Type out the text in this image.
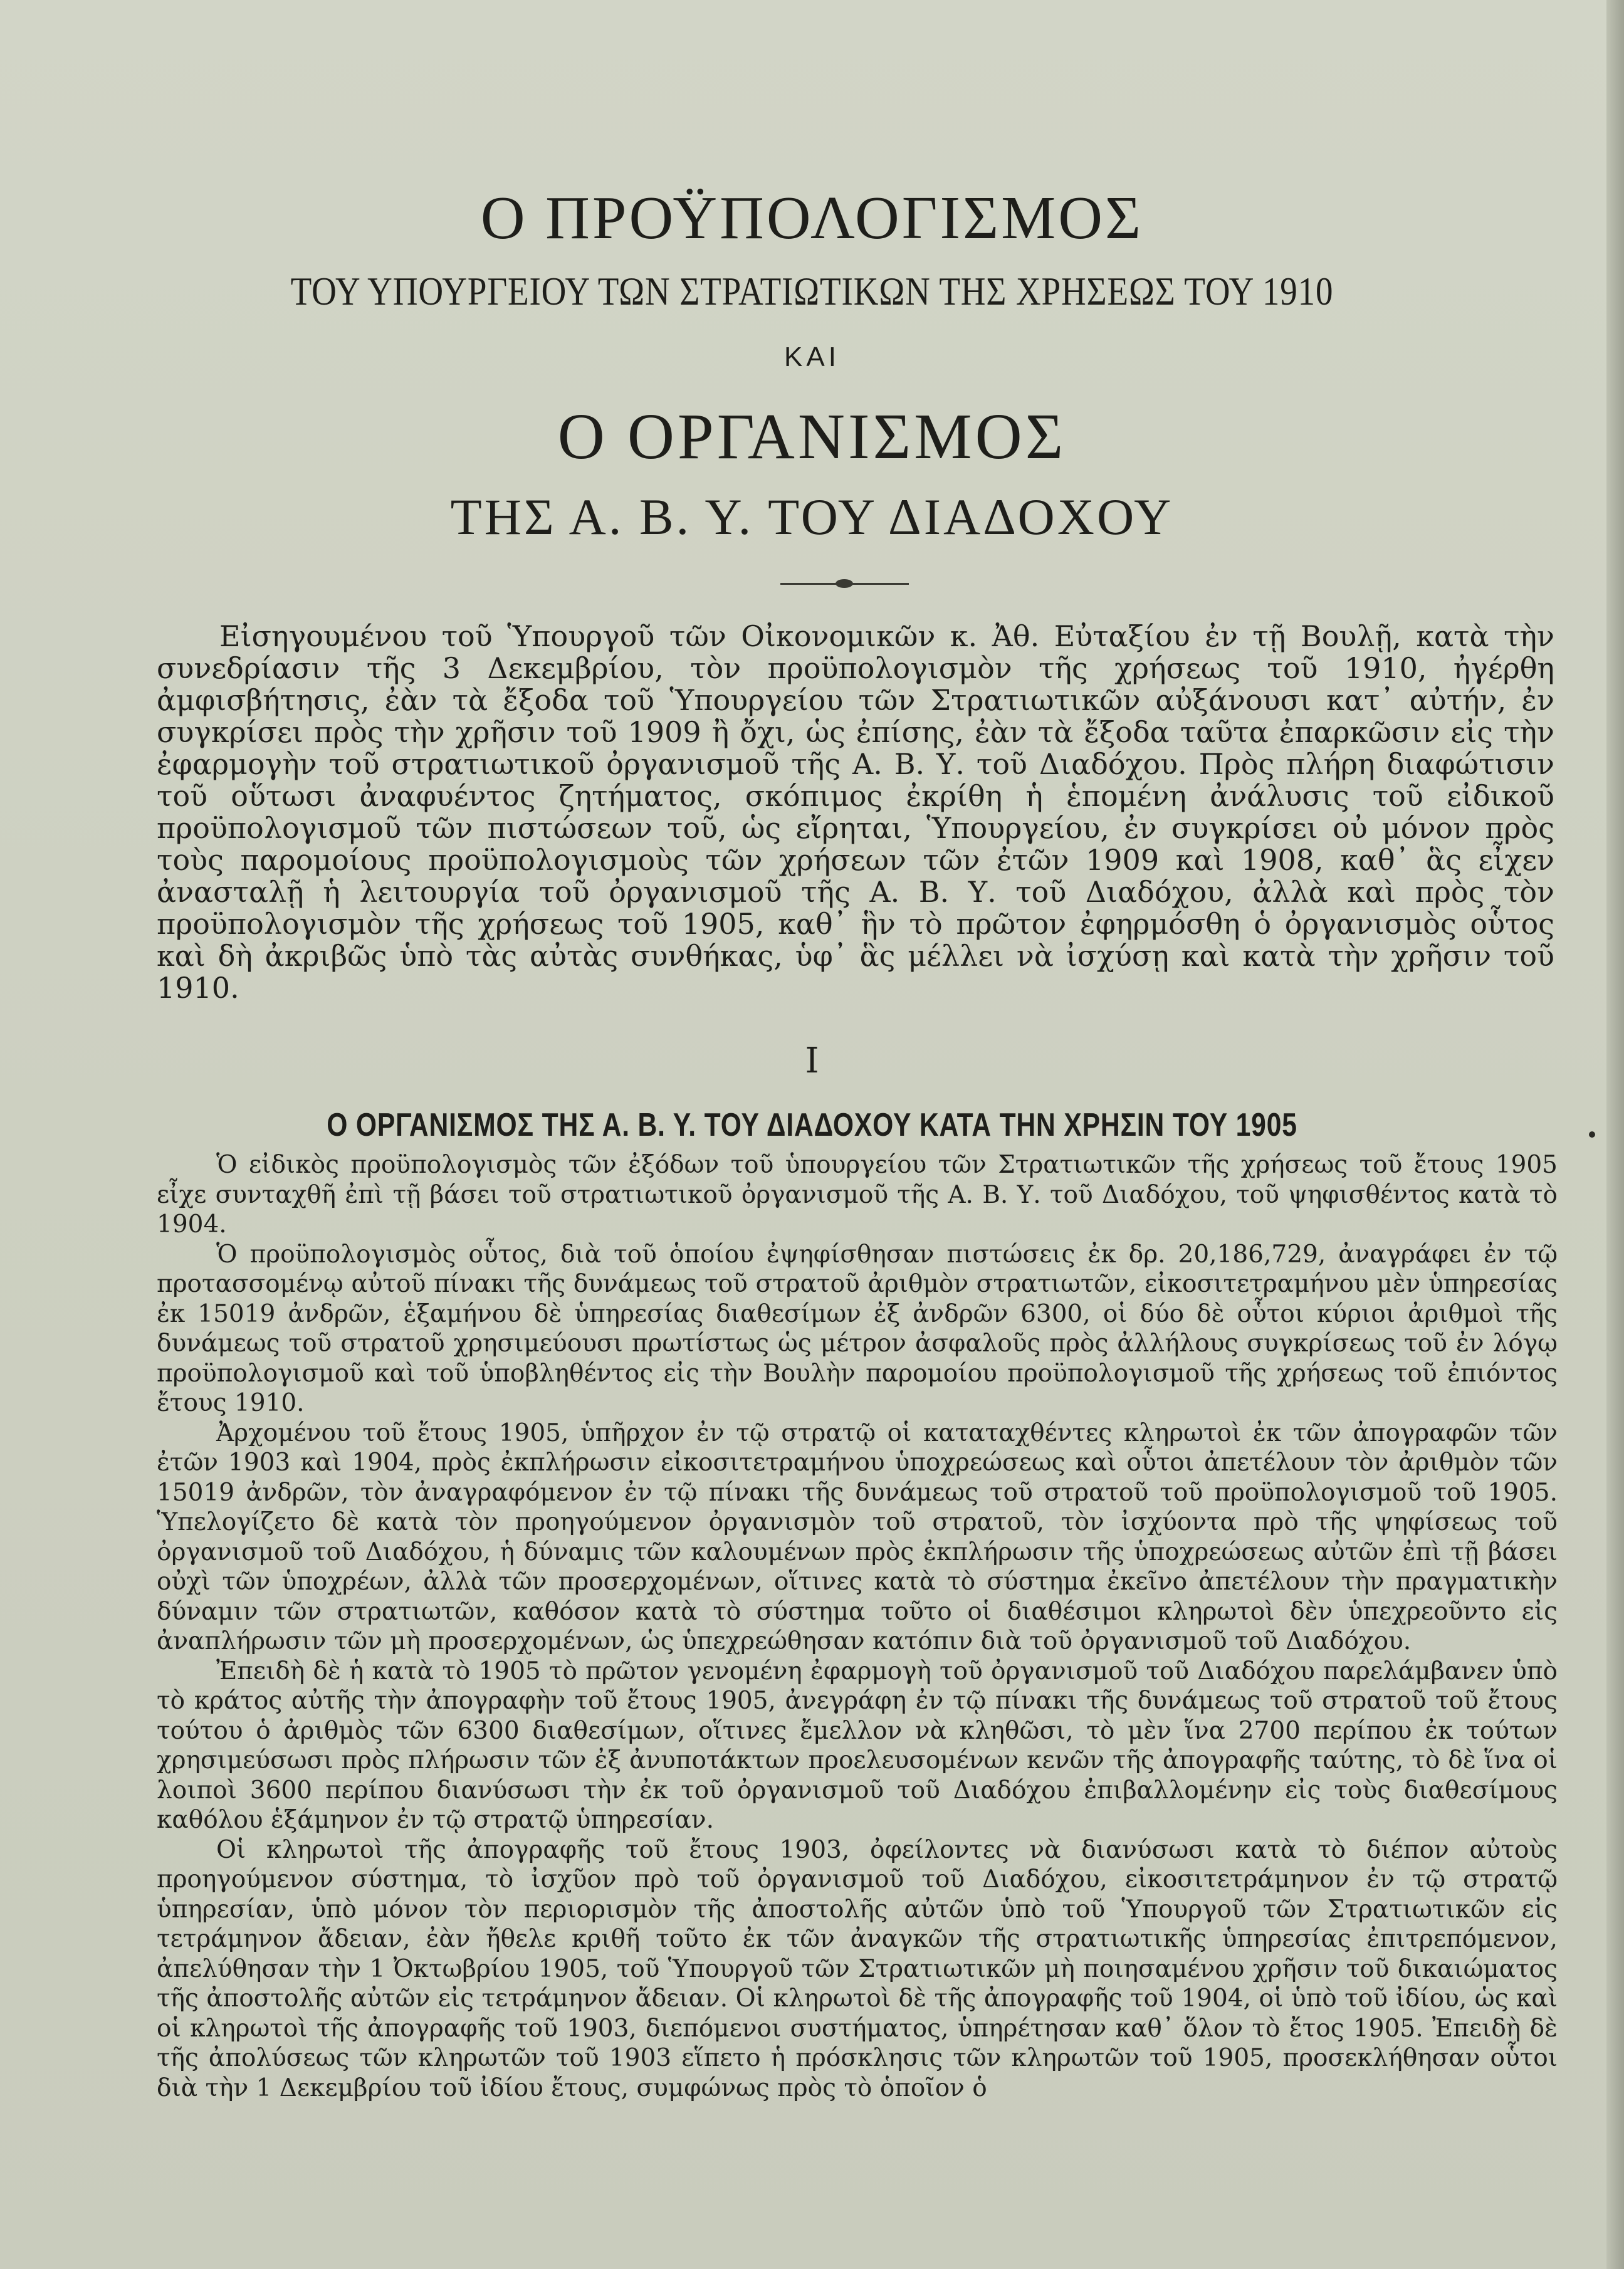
Ο ΠΡΟΫΠΟΛΟΓΙΣΜΟΣ
ΤΟΥ ΥΠΟΥΡΓΕΙΟΥ ΤΩΝ ΣΤΡΑΤΙΩΤΙΚΩΝ ΤΗΣ ΧΡΗΣΕΩΣ ΤΟΥ 1910
ΚΑΙ
Ο ΟΡΓΑΝΙΣΜΟΣ
ΤΗΣ Α. Β. Υ. ΤΟΥ ΔΙΑΔΟΧΟΥ

Εἰσηγουμένου τοῦ Ὑπουργοῦ τῶν Οἰκονομικῶν κ. Ἀθ. Εὐταξίου ἐν τῇ Βουλῇ, κατὰ τὴν συνεδρίασιν τῆς 3 Δεκεμβρίου, τὸν προϋπολογισμὸν τῆς χρήσεως τοῦ 1910, ἠγέρθη ἀμφισβήτησις, ἐὰν τὰ ἔξοδα τοῦ Ὑπουργείου τῶν Στρατιωτικῶν αὐξάνουσι κατ᾽ αὐτήν, ἐν συγκρίσει πρὸς τὴν χρῆσιν τοῦ 1909 ἢ ὄχι, ὡς ἐπίσης, ἐὰν τὰ ἔξοδα ταῦτα ἐπαρκῶσιν εἰς τὴν ἐφαρμογὴν τοῦ στρατιωτικοῦ ὀργανισμοῦ τῆς Α. Β. Υ. τοῦ Διαδόχου. Πρὸς πλήρη διαφώτισιν τοῦ οὕτωσι ἀναφυέντος ζητήματος, σκόπιμος ἐκρίθη ἡ ἑπομένη ἀνάλυσις τοῦ εἰδικοῦ προϋπολογισμοῦ τῶν πιστώσεων τοῦ, ὡς εἴρηται, Ὑπουργείου, ἐν συγκρίσει οὐ μόνον πρὸς τοὺς παρομοίους προϋπολογισμοὺς τῶν χρήσεων τῶν ἐτῶν 1909 καὶ 1908, καθ᾽ ἃς εἶχεν ἀνασταλῇ ἡ λειτουργία τοῦ ὀργανισμοῦ τῆς Α. Β. Υ. τοῦ Διαδόχου, ἀλλὰ καὶ πρὸς τὸν προϋπολογισμὸν τῆς χρήσεως τοῦ 1905, καθ᾽ ἣν τὸ πρῶτον ἐφηρμόσθη ὁ ὀργανισμὸς οὗτος καὶ δὴ ἀκριβῶς ὑπὸ τὰς αὐτὰς συνθήκας, ὑφ᾽ ἃς μέλλει νὰ ἰσχύσῃ καὶ κατὰ τὴν χρῆσιν τοῦ 1910.

I
Ο ΟΡΓΑΝΙΣΜΟΣ ΤΗΣ Α. Β. Υ. ΤΟΥ ΔΙΑΔΟΧΟΥ ΚΑΤΑ ΤΗΝ ΧΡΗΣΙΝ ΤΟΥ 1905

Ὁ εἰδικὸς προϋπολογισμὸς τῶν ἐξόδων τοῦ ὑπουργείου τῶν Στρατιωτικῶν τῆς χρήσεως τοῦ ἔτους 1905 εἶχε συνταχθῆ ἐπὶ τῇ βάσει τοῦ στρατιωτικοῦ ὀργανισμοῦ τῆς Α. Β. Υ. τοῦ Διαδόχου, τοῦ ψηφισθέντος κατὰ τὸ 1904.

Ὁ προϋπολογισμὸς οὗτος, διὰ τοῦ ὁποίου ἐψηφίσθησαν πιστώσεις ἐκ δρ. 20,186,729, ἀναγράφει ἐν τῷ προτασσομένῳ αὐτοῦ πίνακι τῆς δυνάμεως τοῦ στρατοῦ ἀριθμὸν στρατιωτῶν, εἰκοσιτετραμήνου μὲν ὑπηρεσίας ἐκ 15019 ἀνδρῶν, ἑξαμήνου δὲ ὑπηρεσίας διαθεσίμων ἐξ ἀνδρῶν 6300, οἱ δύο δὲ οὗτοι κύριοι ἀριθμοὶ τῆς δυνάμεως τοῦ στρατοῦ χρησιμεύουσι πρωτίστως ὡς μέτρον ἀσφαλοῦς πρὸς ἀλλήλους συγκρίσεως τοῦ ἐν λόγῳ προϋπολογισμοῦ καὶ τοῦ ὑποβληθέντος εἰς τὴν Βουλὴν παρομοίου προϋπολογισμοῦ τῆς χρήσεως τοῦ ἐπιόντος ἔτους 1910.

Ἀρχομένου τοῦ ἔτους 1905, ὑπῆρχον ἐν τῷ στρατῷ οἱ καταταχθέντες κληρωτοὶ ἐκ τῶν ἀπογραφῶν τῶν ἐτῶν 1903 καὶ 1904, πρὸς ἐκπλήρωσιν εἰκοσιτετραμήνου ὑποχρεώσεως καὶ οὗτοι ἀπετέλουν τὸν ἀριθμὸν τῶν 15019 ἀνδρῶν, τὸν ἀναγραφόμενον ἐν τῷ πίνακι τῆς δυνάμεως τοῦ στρατοῦ τοῦ προϋπολογισμοῦ τοῦ 1905. Ὑπελογίζετο δὲ κατὰ τὸν προηγούμενον ὀργανισμὸν τοῦ στρατοῦ, τὸν ἰσχύοντα πρὸ τῆς ψηφίσεως τοῦ ὀργανισμοῦ τοῦ Διαδόχου, ἡ δύναμις τῶν καλουμένων πρὸς ἐκπλήρωσιν τῆς ὑποχρεώσεως αὐτῶν ἐπὶ τῇ βάσει οὐχὶ τῶν ὑποχρέων, ἀλλὰ τῶν προσερχομένων, οἵτινες κατὰ τὸ σύστημα ἐκεῖνο ἀπετέλουν τὴν πραγματικὴν δύναμιν τῶν στρατιωτῶν, καθόσον κατὰ τὸ σύστημα τοῦτο οἱ διαθέσιμοι κληρωτοὶ δὲν ὑπεχρεοῦντο εἰς ἀναπλήρωσιν τῶν μὴ προσερχομένων, ὡς ὑπεχρεώθησαν κατόπιν διὰ τοῦ ὀργανισμοῦ τοῦ Διαδόχου.

Ἐπειδὴ δὲ ἡ κατὰ τὸ 1905 τὸ πρῶτον γενομένη ἐφαρμογὴ τοῦ ὀργανισμοῦ τοῦ Διαδόχου παρελάμβανεν ὑπὸ τὸ κράτος αὐτῆς τὴν ἀπογραφὴν τοῦ ἔτους 1905, ἀνεγράφη ἐν τῷ πίνακι τῆς δυνάμεως τοῦ στρατοῦ τοῦ ἔτους τούτου ὁ ἀριθμὸς τῶν 6300 διαθεσίμων, οἵτινες ἔμελλον νὰ κληθῶσι, τὸ μὲν ἵνα 2700 περίπου ἐκ τούτων χρησιμεύσωσι πρὸς πλήρωσιν τῶν ἐξ ἀνυποτάκτων προελευσομένων κενῶν τῆς ἀπογραφῆς ταύτης, τὸ δὲ ἵνα οἱ λοιποὶ 3600 περίπου διανύσωσι τὴν ἐκ τοῦ ὀργανισμοῦ τοῦ Διαδόχου ἐπιβαλλομένην εἰς τοὺς διαθεσίμους καθόλου ἑξάμηνον ἐν τῷ στρατῷ ὑπηρεσίαν.

Οἱ κληρωτοὶ τῆς ἀπογραφῆς τοῦ ἔτους 1903, ὀφείλοντες νὰ διανύσωσι κατὰ τὸ διέπον αὐτοὺς προηγούμενον σύστημα, τὸ ἰσχῦον πρὸ τοῦ ὀργανισμοῦ τοῦ Διαδόχου, εἰκοσιτετράμηνον ἐν τῷ στρατῷ ὑπηρεσίαν, ὑπὸ μόνον τὸν περιορισμὸν τῆς ἀποστολῆς αὐτῶν ὑπὸ τοῦ Ὑπουργοῦ τῶν Στρατιωτικῶν εἰς τετράμηνον ἄδειαν, ἐὰν ἤθελε κριθῆ τοῦτο ἐκ τῶν ἀναγκῶν τῆς στρατιωτικῆς ὑπηρεσίας ἐπιτρεπόμενον, ἀπελύθησαν τὴν 1 Ὀκτωβρίου 1905, τοῦ Ὑπουργοῦ τῶν Στρατιωτικῶν μὴ ποιησαμένου χρῆσιν τοῦ δικαιώματος τῆς ἀποστολῆς αὐτῶν εἰς τετράμηνον ἄδειαν. Οἱ κληρωτοὶ δὲ τῆς ἀπογραφῆς τοῦ 1904, οἱ ὑπὸ τοῦ ἰδίου, ὡς καὶ οἱ κληρωτοὶ τῆς ἀπογραφῆς τοῦ 1903, διεπόμενοι συστήματος, ὑπηρέτησαν καθ᾽ ὅλον τὸ ἔτος 1905. Ἐπειδὴ δὲ τῆς ἀπολύσεως τῶν κληρωτῶν τοῦ 1903 εἵπετο ἡ πρόσκλησις τῶν κληρωτῶν τοῦ 1905, προσεκλήθησαν οὗτοι διὰ τὴν 1 Δεκεμβρίου τοῦ ἰδίου ἔτους, συμφώνως πρὸς τὸ ὁποῖον ὁ
